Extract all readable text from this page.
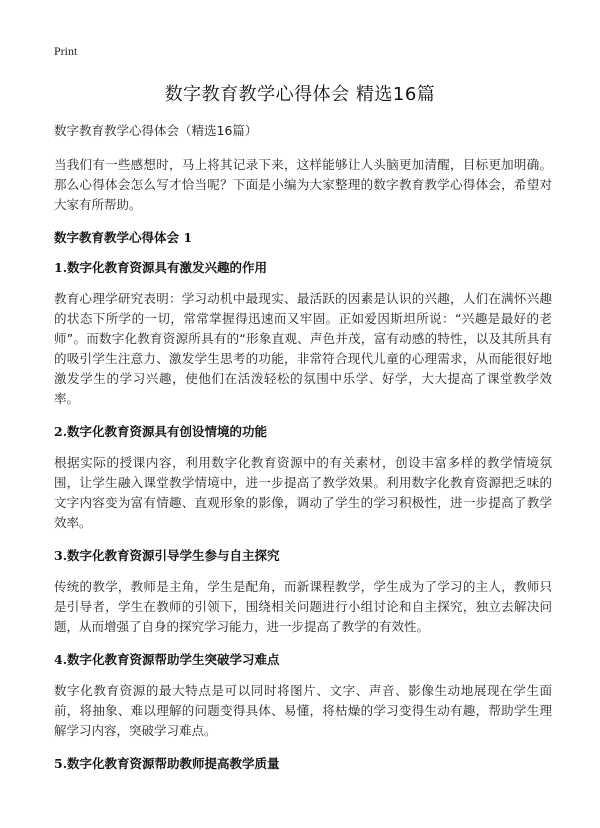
Print
数字教育教学心得体会 精选16篇

数字教育教学心得体会（精选16篇）

当我们有一些感想时，马上将其记录下来，这样能够让人头脑更加清醒，目标更加明确。那么心得体会怎么写才恰当呢？下面是小编为大家整理的数字教育教学心得体会，希望对大家有所帮助。

数字教育教学心得体会 1

1.数字化教育资源具有激发兴趣的作用

教育心理学研究表明：学习动机中最现实、最活跃的因素是认识的兴趣，人们在满怀兴趣的状态下所学的一切，常常掌握得迅速而又牢固。正如爱因斯坦所说：“兴趣是最好的老师”。而数字化教育资源所具有的“形象直观、声色并茂，富有动感的特性，以及其所具有的吸引学生注意力、激发学生思考的功能，非常符合现代儿童的心理需求，从而能很好地激发学生的学习兴趣，使他们在活泼轻松的氛围中乐学、好学，大大提高了课堂教学效率。

2.数字化教育资源具有创设情境的功能

根据实际的授课内容，利用数字化教育资源中的有关素材，创设丰富多样的教学情境氛围，让学生融入课堂教学情境中，进一步提高了教学效果。利用数字化教育资源把乏味的文字内容变为富有情趣、直观形象的影像，调动了学生的学习积极性，进一步提高了教学效率。

3.数字化教育资源引导学生参与自主探究

传统的教学，教师是主角，学生是配角，而新课程教学，学生成为了学习的主人，教师只是引导者，学生在教师的引领下，围绕相关问题进行小组讨论和自主探究，独立去解决问题，从而增强了自身的探究学习能力，进一步提高了教学的有效性。

4.数字化教育资源帮助学生突破学习难点

数字化教育资源的最大特点是可以同时将图片、文字、声音、影像生动地展现在学生面前，将抽象、难以理解的问题变得具体、易懂，将枯燥的学习变得生动有趣，帮助学生理解学习内容，突破学习难点。

5.数字化教育资源帮助教师提高教学质量
